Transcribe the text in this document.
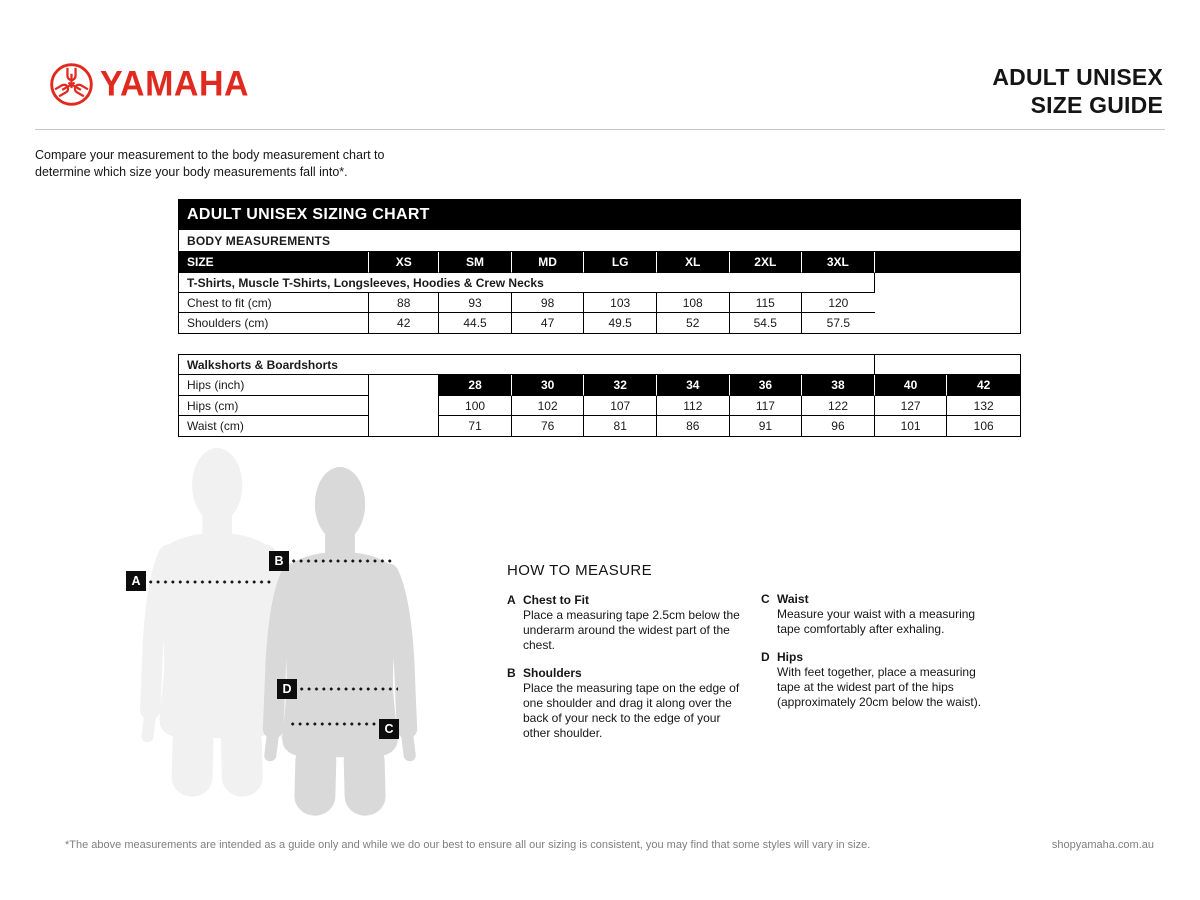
YAMAHA	ADULT UNISEX
SIZE GUIDE
Compare your measurement to the body measurement chart to
determine which size your body measurements fall into*.
ADULT UNISEX SIZING CHART								
BODY MEASUREMENTS								
SIZE	XS	SM	MD	LG	XL	2XL	3XL	
T-Shirts, Muscle T-Shirts, Longsleeves, Hoodies & Crew Necks								
Chest to fit (cm)	88	93	98	103	108	115	120	
Shoulders (cm)	42	44.5	47	49.5	52	54.5	57.5	
Walkshorts & Boardshorts									
Hips (inch)		28	30	32	34	36	38	40	42
Hips (cm)		100	102	107	112	117	122	127	132
Waist (cm)		71	76	81	86	91	96	101	106
A
B
D
C
HOW TO MEASURE
A Chest to Fit
Place a measuring tape 2.5cm below the underarm around the widest part of the chest.
B Shoulders
Place the measuring tape on the edge of one shoulder and drag it along over the back of your neck to the edge of your other shoulder.
C Waist
Measure your waist with a measuring tape comfortably after exhaling.
D Hips
With feet together, place a measuring tape at the widest part of the hips (approximately 20cm below the waist).
*The above measurements are intended as a guide only and while we do our best to ensure all our sizing is consistent, you may find that some styles will vary in size.	shopyamaha.com.au
